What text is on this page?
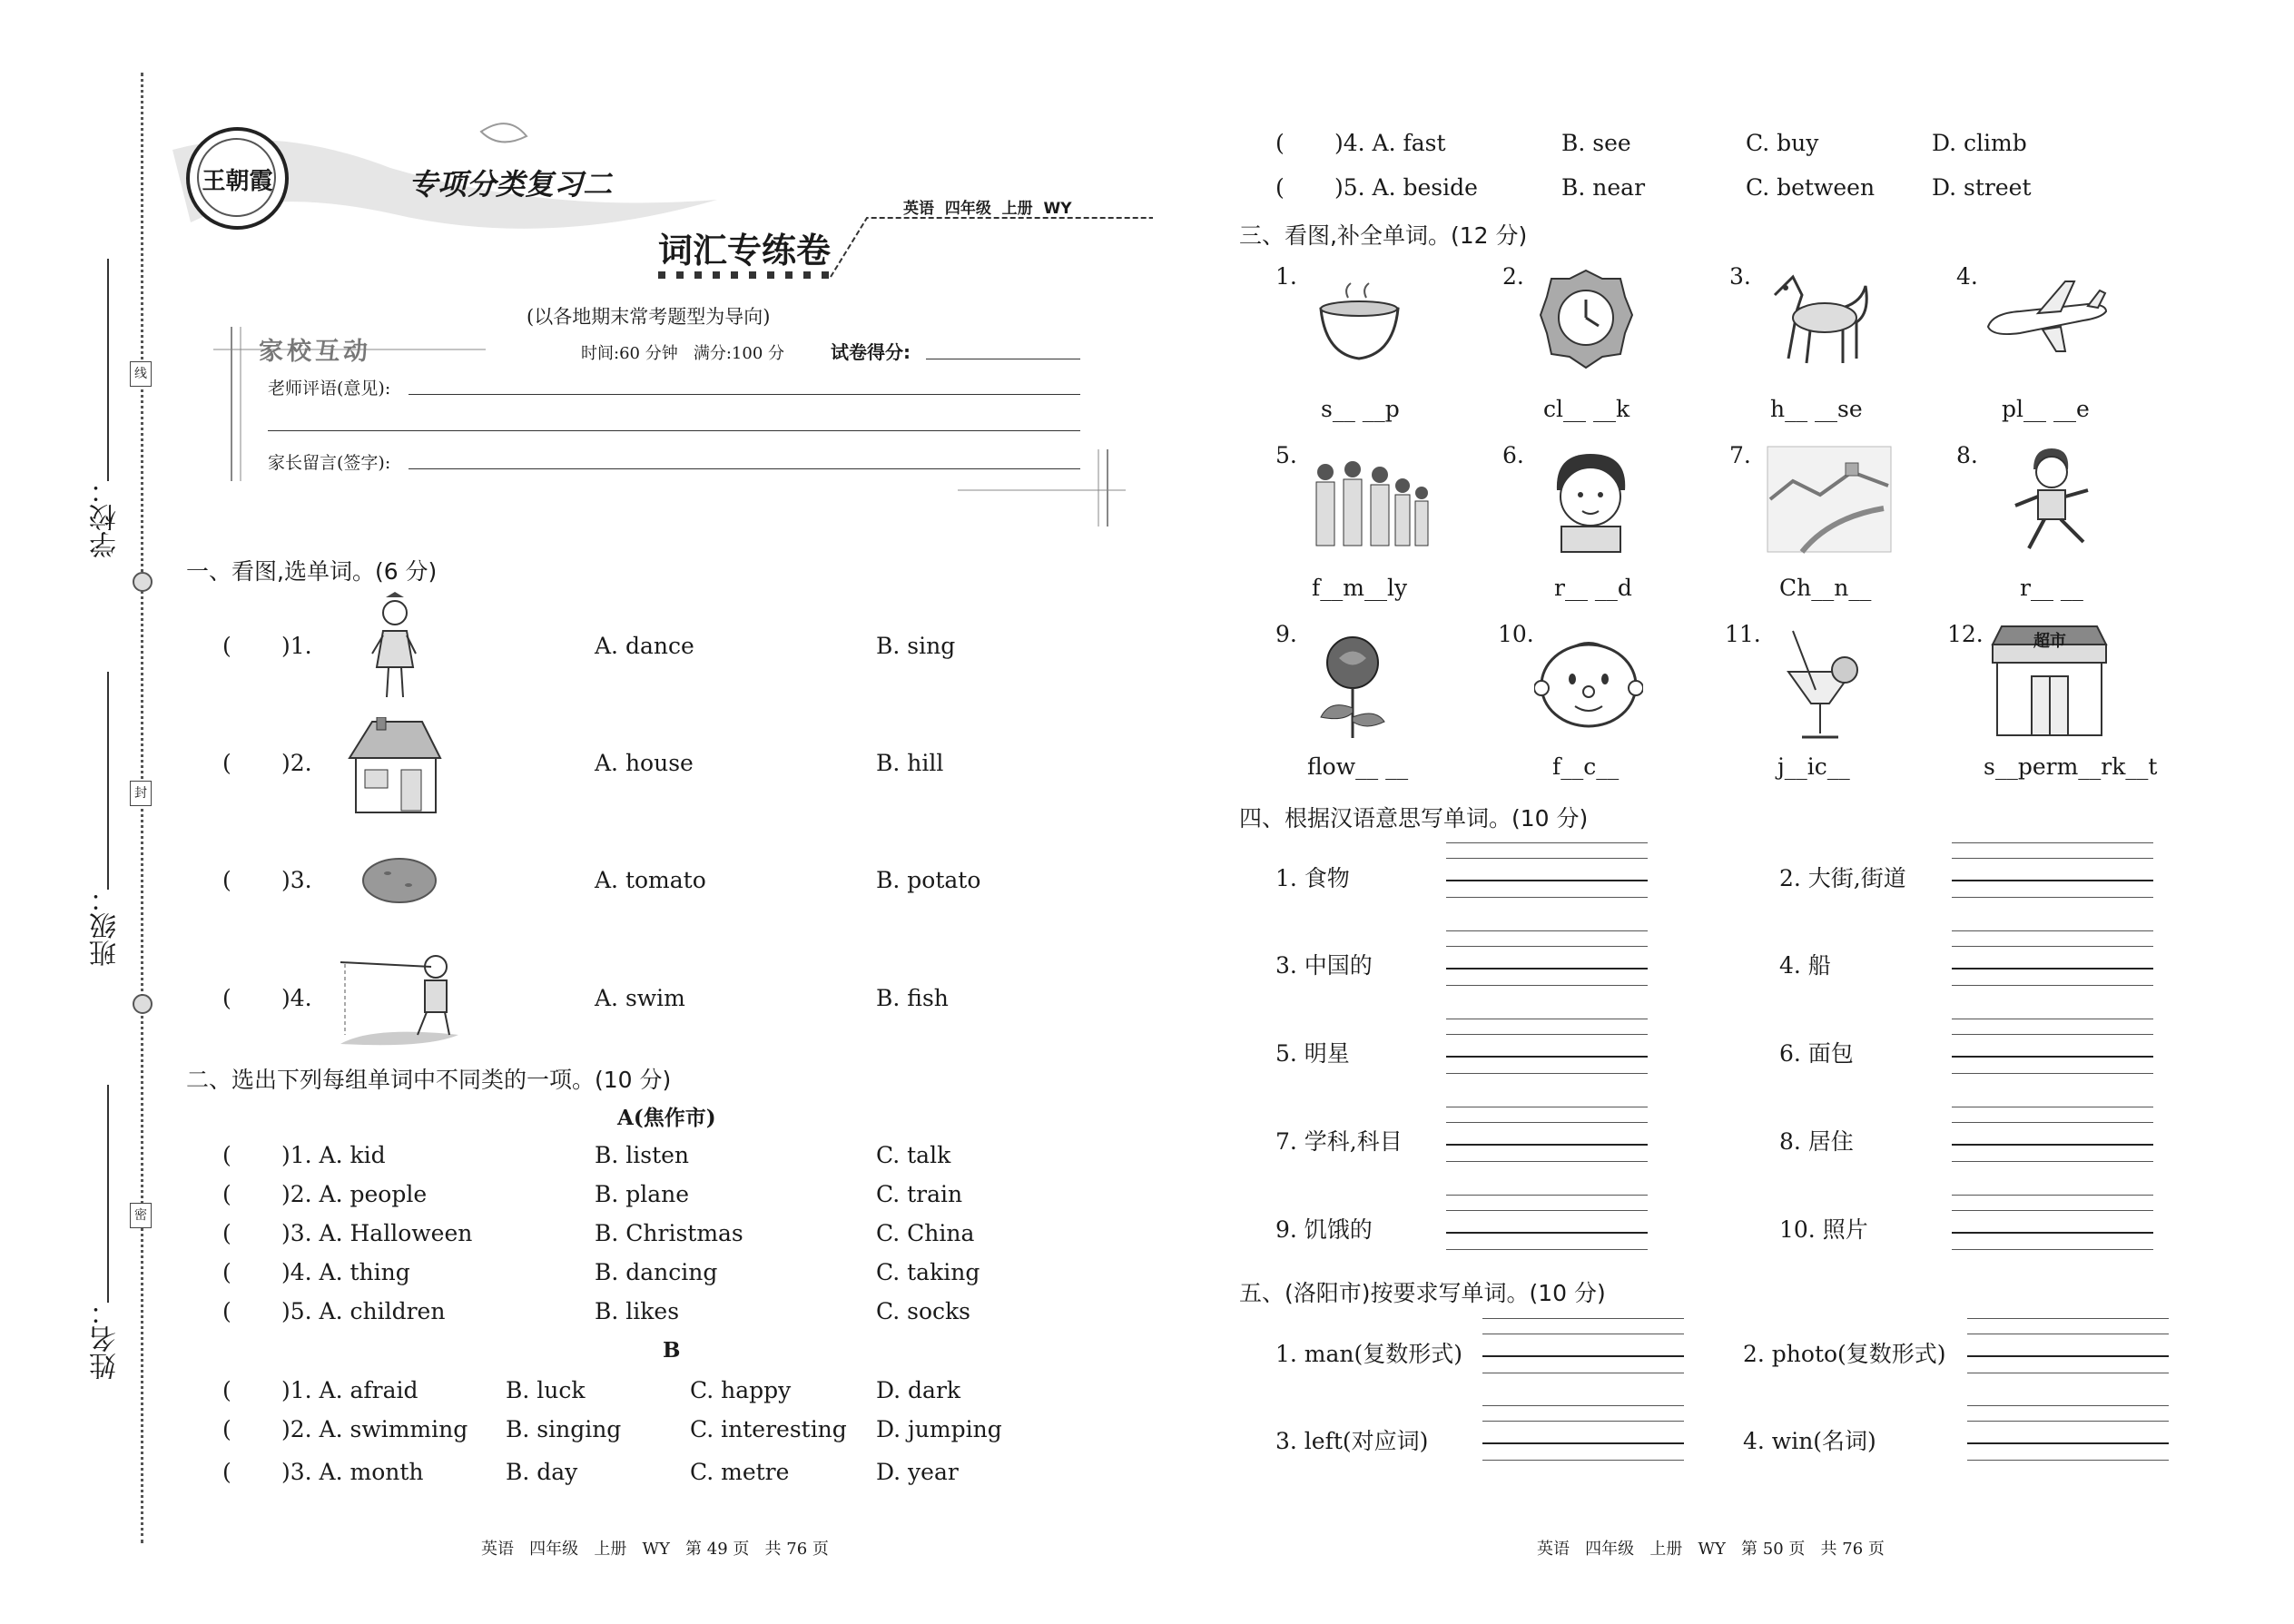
线
封
密
学校：
班级：
姓名：
王朝霞	专项分类复习二
英语  四年级  上册  WY
词汇专练卷
(以各地期末常考题型为导向)
家校互动	时间:60 分钟   满分:100 分	试卷得分:
老师评语(意见):
家长留言(签字):
一、看图,选单词。(6 分)
( )1.	A. dance	B. sing
( )2.	A. house	B. hill
( )3.	A. tomato	B. potato
( )4.	A. swim	B. fish
二、选出下列每组单词中不同类的一项。(10 分)
A(焦作市)
( )1. A. kid	B. listen	C. talk
( )2. A. people	B. plane	C. train
( )3. A. Halloween	B. Christmas	C. China
( )4. A. thing	B. dancing	C. taking
( )5. A. children	B. likes	C. socks
B
( )1. A. afraid	B. luck	C. happy	D. dark
( )2. A. swimming B. singing	C. interesting D. jumping
( )3. A. month	B. day	C. metre	D. year
英语   四年级   上册   WY   第 49 页   共 76 页
( )4. A. fast	B. see	C. buy	D. climb
( )5. A. beside	B. near	C. between	D. street
三、看图,补全单词。(12 分)
1.
s__ __p
2.
cl__ __k
3.
h__ __se
4.
pl__ __e
5.
f__m__ly
6.
r__ __d
7.
Ch__n__
8.
r__ __
9.
flow__ __
10.
f__c__
11.
j__ic__
12.	超市
s__perm__rk__t
四、根据汉语意思写单词。(10 分)
1. 食物	2. 大街,街道
3. 中国的	4. 船
5. 明星	6. 面包
7. 学科,科目	8. 居住
9. 饥饿的	10. 照片
五、(洛阳市)按要求写单词。(10 分)
1. man(复数形式)	2. photo(复数形式)
3. left(对应词)	4. win(名词)
英语   四年级   上册   WY   第 50 页   共 76 页
